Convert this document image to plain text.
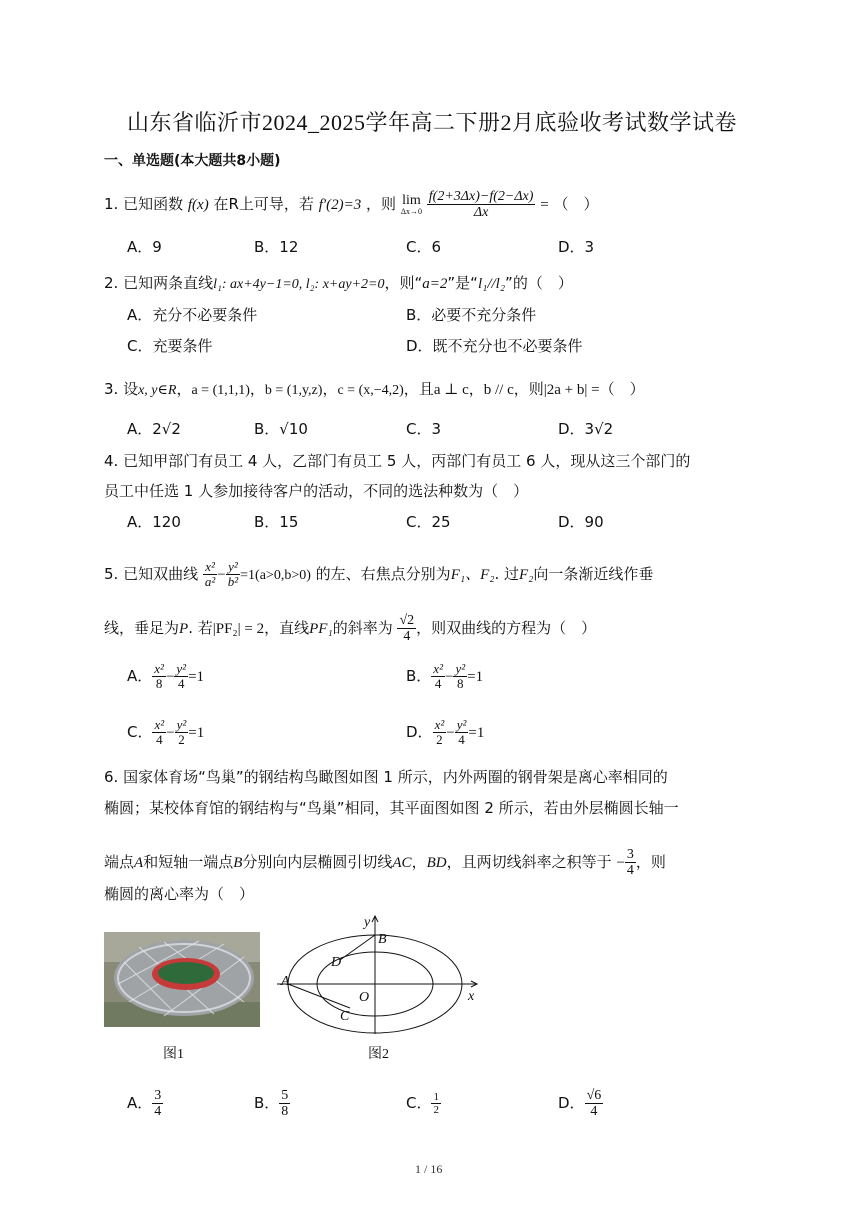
山东省临沂市2024_2025学年高二下册2月底验收考试数学试卷
一、单选题(本大题共8小题)
1. 已知函数 f(x) 在R上可导，若 f′(2)=3 ，则 lim
Δx→0
$\frac{f(2+3\Delta x)-f(2-\Delta x)}{\Delta x}$ = （　）
A．9	B．12	C．6	D．3
2. 已知两条直线l₁: ax+4y−1=0, l₂: x+ay+2=0，则“a=2”是“l₁//l₂”的（　）
A．充分不必要条件	B．必要不充分条件
C．充要条件	D．既不充分也不必要条件
3. 设x, y∈R，a = (1,1,1)，b = (1,y,z)，c = (x,−4,2)，且a ⊥ c，b // c，则|2a + b| =（　）
A．2√2	B．√10	C．3	D．3√2
4. 已知甲部门有员工 4 人，乙部门有员工 5 人，丙部门有员工 6 人，现从这三个部门的
员工中任选 1 人参加接待客户的活动，不同的选法种数为（　）
A．120	B．15	C．25	D．90
5. 已知双曲线 $\frac{\text{x²}}{\text{a²}} - \frac{\text{y²}}{\text{b²}} =1(a>0,b>0)$ 的左、右焦点分别为F₁、F₂. 过F₂向一条渐近线作垂
线，垂足为P. 若|PF₂| = 2，直线PF₁的斜率为 $\frac{√2}{4}$ ，则双曲线的方程为（　）
A． $\frac{\text{x²}}{8} - \frac{\text{y²}}{4} =1$	B． $\frac{\text{x²}}{4} - \frac{\text{y²}}{8} =1$
C． $\frac{\text{x²}}{4} - \frac{\text{y²}}{2} =1$	D． $\frac{\text{x²}}{2} - \frac{\text{y²}}{4} =1$
6. 国家体育场“鸟巢”的钢结构鸟瞰图如图 1 所示，内外两圈的钢骨架是离心率相同的
椭圆；某校体育馆的钢结构与“鸟巢”相同，其平面图如图 2 所示，若由外层椭圆长轴一
端点A和短轴一端点B分别向内层椭圆引切线AC，BD，且两切线斜率之积等于 − $\frac{3}{4}$ ，则
椭圆的离心率为（　）
图1
y
B
D
A
O	x
C
图2
A． $\frac{3}{4}$	B． $\frac{5}{8}$	C． $\frac{1}{2}$	D． $\frac{√6}{4}$
1 / 16
